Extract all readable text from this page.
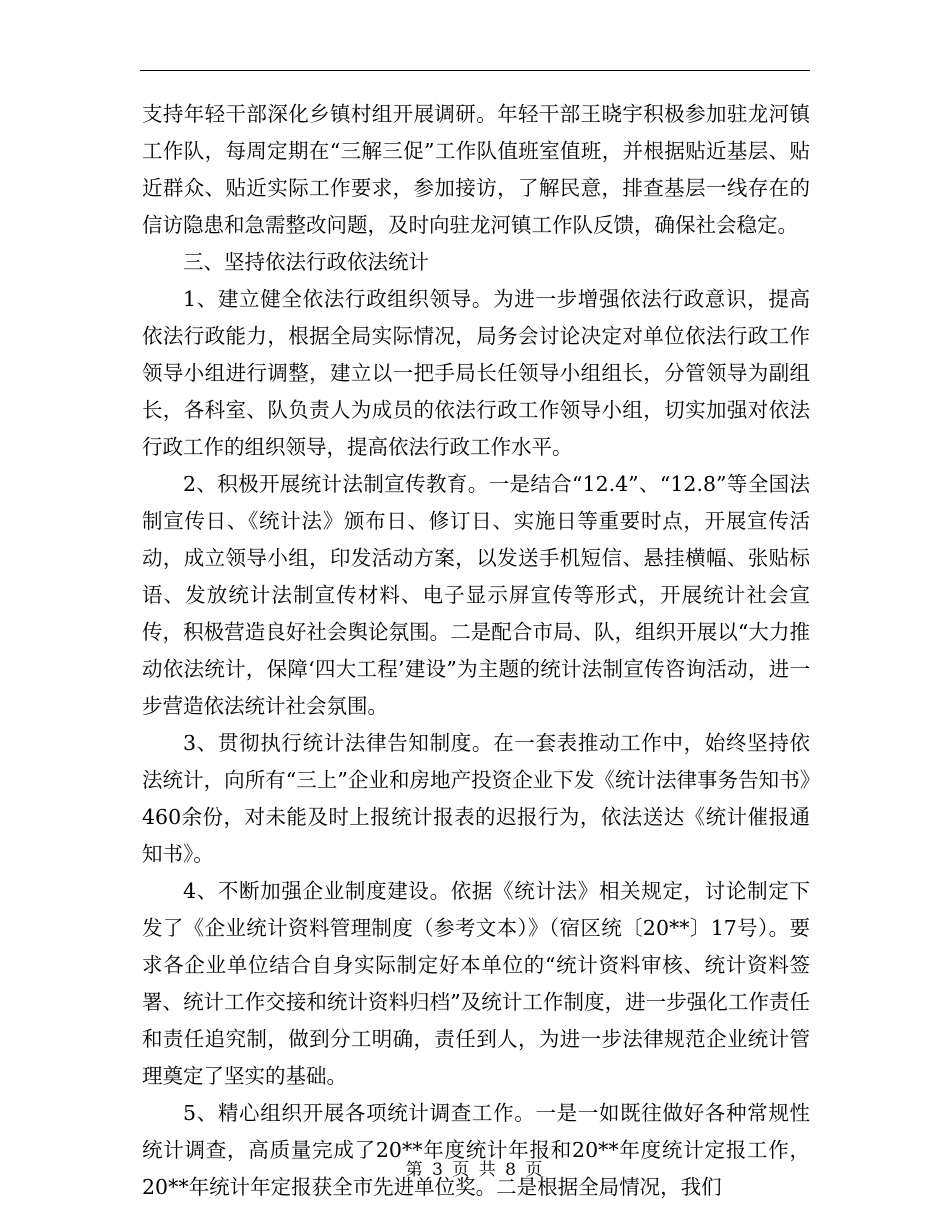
支持年轻干部深化乡镇村组开展调研。年轻干部王晓宇积极参加驻龙河镇工作队，每周定期在“三解三促”工作队值班室值班，并根据贴近基层、贴近群众、贴近实际工作要求，参加接访，了解民意，排查基层一线存在的信访隐患和急需整改问题，及时向驻龙河镇工作队反馈，确保社会稳定。

三、坚持依法行政依法统计

1、建立健全依法行政组织领导。为进一步增强依法行政意识，提高依法行政能力，根据全局实际情况，局务会讨论决定对单位依法行政工作领导小组进行调整，建立以一把手局长任领导小组组长，分管领导为副组长，各科室、队负责人为成员的依法行政工作领导小组，切实加强对依法行政工作的组织领导，提高依法行政工作水平。

2、积极开展统计法制宣传教育。一是结合“12.4”、“12.8”等全国法制宣传日、《统计法》颁布日、修订日、实施日等重要时点，开展宣传活动，成立领导小组，印发活动方案，以发送手机短信、悬挂横幅、张贴标语、发放统计法制宣传材料、电子显示屏宣传等形式，开展统计社会宣传，积极营造良好社会舆论氛围。二是配合市局、队，组织开展以“大力推动依法统计，保障‘四大工程’建设”为主题的统计法制宣传咨询活动，进一步营造依法统计社会氛围。

3、贯彻执行统计法律告知制度。在一套表推动工作中，始终坚持依法统计，向所有“三上”企业和房地产投资企业下发《统计法律事务告知书》460余份，对未能及时上报统计报表的迟报行为，依法送达《统计催报通知书》。

4、不断加强企业制度建设。依据《统计法》相关规定，讨论制定下发了《企业统计资料管理制度（参考文本）》（宿区统〔20**〕17号）。要求各企业单位结合自身实际制定好本单位的“统计资料审核、统计资料签署、统计工作交接和统计资料归档”及统计工作制度，进一步强化工作责任和责任追究制，做到分工明确，责任到人，为进一步法律规范企业统计管理奠定了坚实的基础。

5、精心组织开展各项统计调查工作。一是一如既往做好各种常规性统计调查，高质量完成了20**年度统计年报和20**年度统计定报工作，20**年统计年定报获全市先进单位奖。二是根据全局情况，我们

第 3 页 共 8 页
